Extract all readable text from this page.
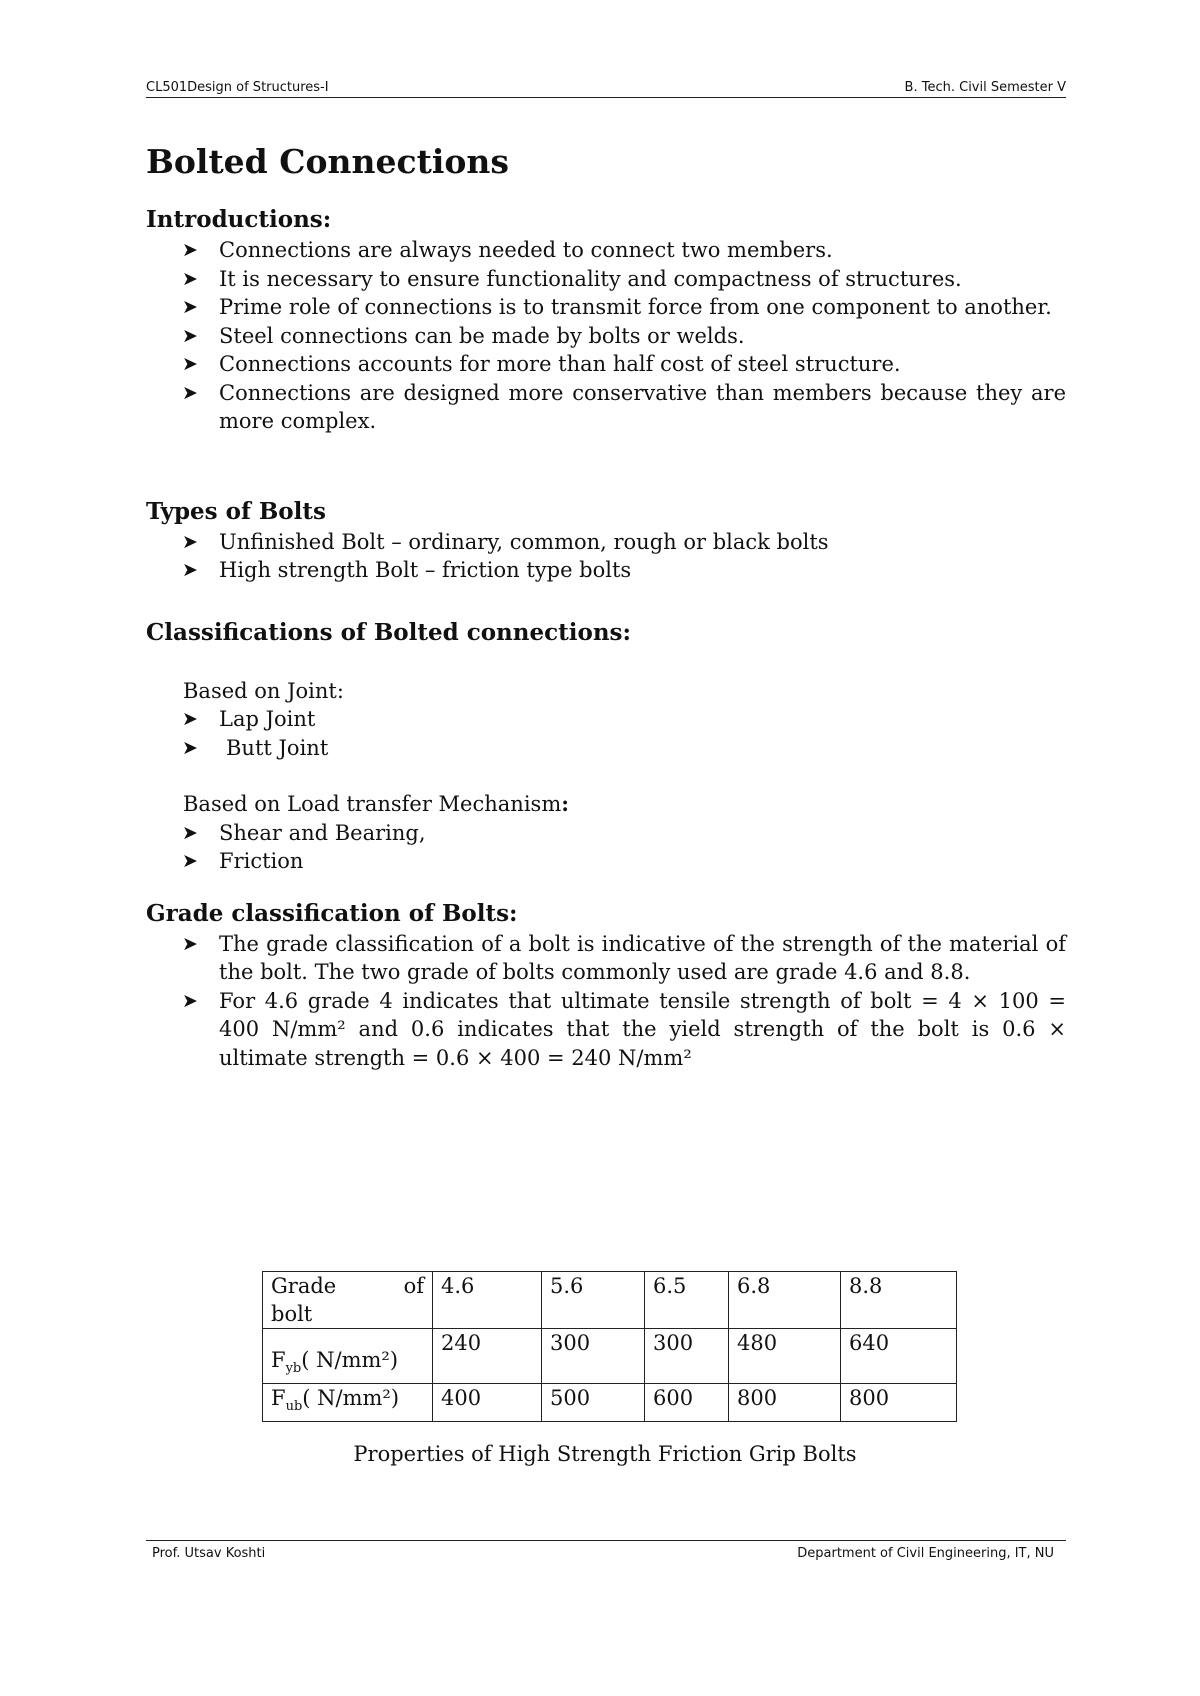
CL501Design of Structures-I	B. Tech. Civil Semester V
Bolted Connections
Introductions:
➤ Connections are always needed to connect two members.
➤ It is necessary to ensure functionality and compactness of structures.
➤ Prime role of connections is to transmit force from one component to another.
➤ Steel connections can be made by bolts or welds.
➤ Connections accounts for more than half cost of steel structure.
➤ Connections are designed more conservative than members because they are more complex.
Types of Bolts
➤ Unfinished Bolt – ordinary, common, rough or black bolts
➤ High strength Bolt – friction type bolts
Classifications of Bolted connections:
Based on Joint:
➤ Lap Joint
➤ Butt Joint
Based on Load transfer Mechanism:
➤ Shear and Bearing,
➤ Friction
Grade classification of Bolts:
➤ The grade classification of a bolt is indicative of the strength of the material of the bolt. The two grade of bolts commonly used are grade 4.6 and 8.8.
➤ For 4.6 grade 4 indicates that ultimate tensile strength of bolt = 4 × 100 = 400 N/mm² and 0.6 indicates that the yield strength of the bolt is 0.6 × ultimate strength = 0.6 × 400 = 240 N/mm²
Grade of
bolt	4.6	5.6	6.5	6.8	8.8

$F_{yb}$( N/mm²)	240	300	300	480	640
$F_{ub}$( N/mm²)	400	500	600	800	800
Properties of High Strength Friction Grip Bolts
Prof. Utsav Koshti	Department of Civil Engineering, IT, NU
